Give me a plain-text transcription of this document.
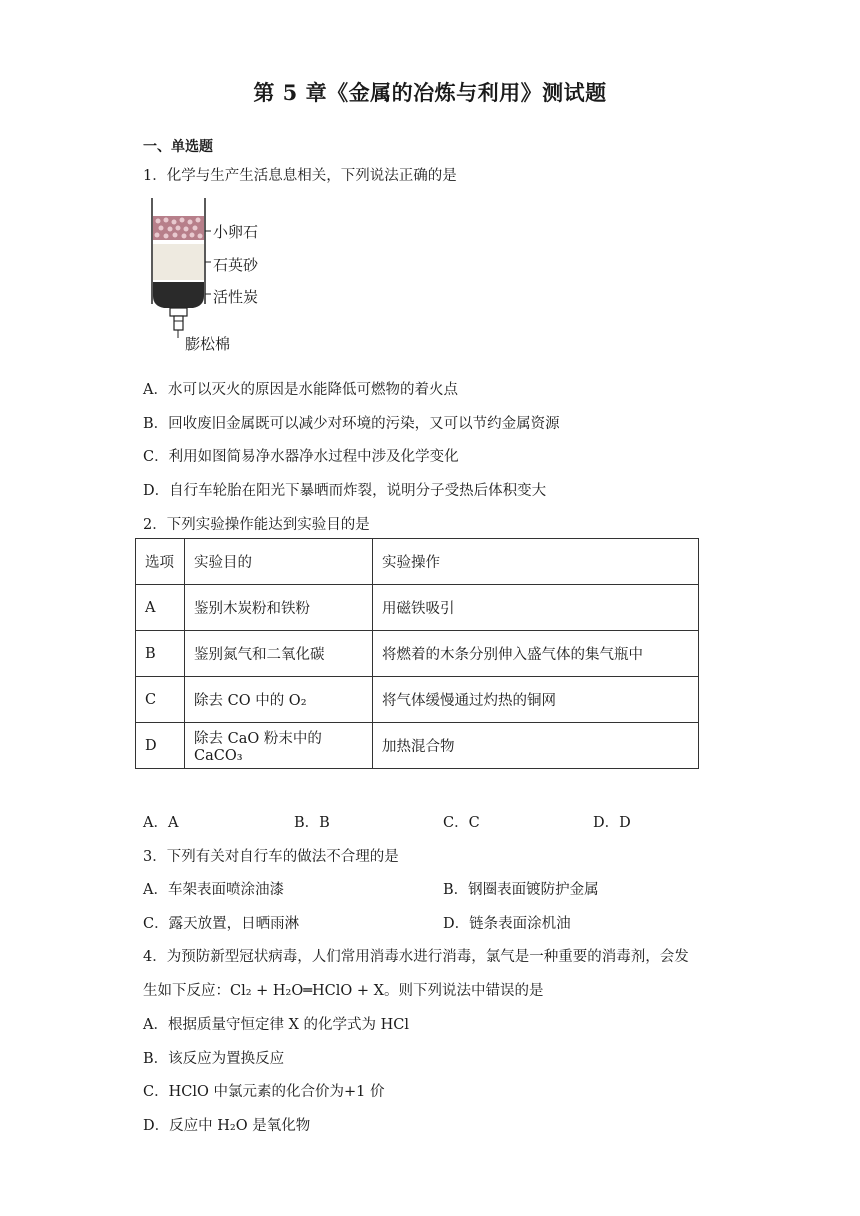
第 5 章《金属的冶炼与利用》测试题
一、单选题
1．化学与生产生活息息相关，下列说法正确的是
小卵石
石英砂
活性炭
膨松棉
A．水可以灭火的原因是水能降低可燃物的着火点
B．回收废旧金属既可以减少对环境的污染，又可以节约金属资源
C．利用如图简易净水器净水过程中涉及化学变化
D．自行车轮胎在阳光下暴晒而炸裂，说明分子受热后体积变大
2．下列实验操作能达到实验目的是
选项	实验目的	实验操作
A	鉴别木炭粉和铁粉	用磁铁吸引
B	鉴别氮气和二氧化碳	将燃着的木条分别伸入盛气体的集气瓶中
C	除去 CO 中的 O₂	将气体缓慢通过灼热的铜网
D	除去 CaO 粉末中的 CaCO₃	加热混合物
A．A	B．B	C．C	D．D
3．下列有关对自行车的做法不合理的是
A．车架表面喷涂油漆	B．钢圈表面镀防护金属
C．露天放置，日晒雨淋	D．链条表面涂机油
4．为预防新型冠状病毒，人们常用消毒水进行消毒，氯气是一种重要的消毒剂，会发
生如下反应：Cl₂ + H₂O═HClO + X。则下列说法中错误的是
A．根据质量守恒定律 X 的化学式为 HCl
B．该反应为置换反应
C．HClO 中氯元素的化合价为+1 价
D．反应中 H₂O 是氧化物
